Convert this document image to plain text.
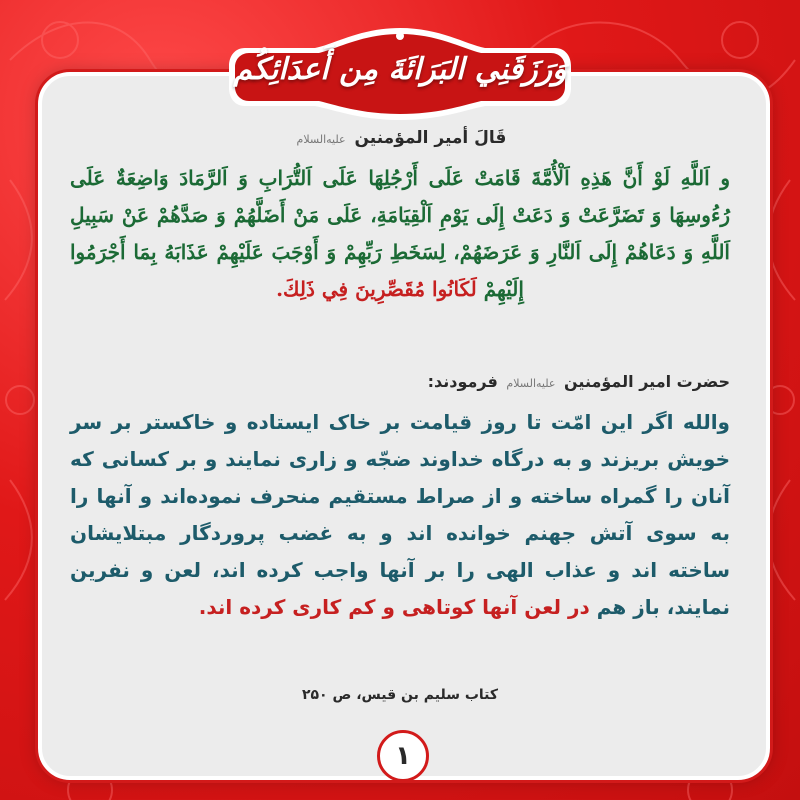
وَرَزَقَنِي البَرَائَةَ مِن أَعدَائِكُم
قَالَ أمیر المؤمنین علیه‌السلام
و اَللَّهِ لَوْ أَنَّ هَذِهِ اَلْأُمَّةَ قَامَتْ عَلَى أَرْجُلِهَا عَلَى اَلتُّرَابِ وَ اَلرَّمَادَ وَاضِعَةٌ عَلَى رُءُوسِهَا وَ تَضَرَّعَتْ وَ دَعَتْ إِلَى يَوْمِ اَلْقِيَامَةِ، عَلَى مَنْ أَضَلَّهُمْ وَ صَدَّهُمْ عَنْ سَبِيلِ اَللَّهِ وَ دَعَاهُمْ إِلَى اَلنَّارِ وَ عَرَضَهُمْ، لِسَخَطِ رَبِّهِمْ وَ أَوْجَبَ عَلَيْهِمْ عَذَابَهُ بِمَا أَجْرَمُوا إِلَيْهِمْ لَكَانُوا مُقَصِّرِينَ فِي ذَلِكَ.
حضرت امیر المؤمنین علیه‌السلام فرمودند:
والله اگر این امّت تا روز قیامت بر خاک ایستاده و خاکستر بر سر خویش بریزند و به درگاه خداوند ضجّه و زاری نمایند و بر کسانی که آنان را گمراه ساخته و از صراط مستقیم منحرف نموده‌اند و آنها را به سوی آتش جهنم خوانده اند و به غضب پروردگار مبتلایشان ساخته اند و عذاب الهی را بر آنها واجب کرده اند، لعن و نفرین نمایند، باز هم در لعن آنها کوتاهی و کم کاری کرده اند.
کتاب سلیم بن قیس، ص ۲۵۰
۱
